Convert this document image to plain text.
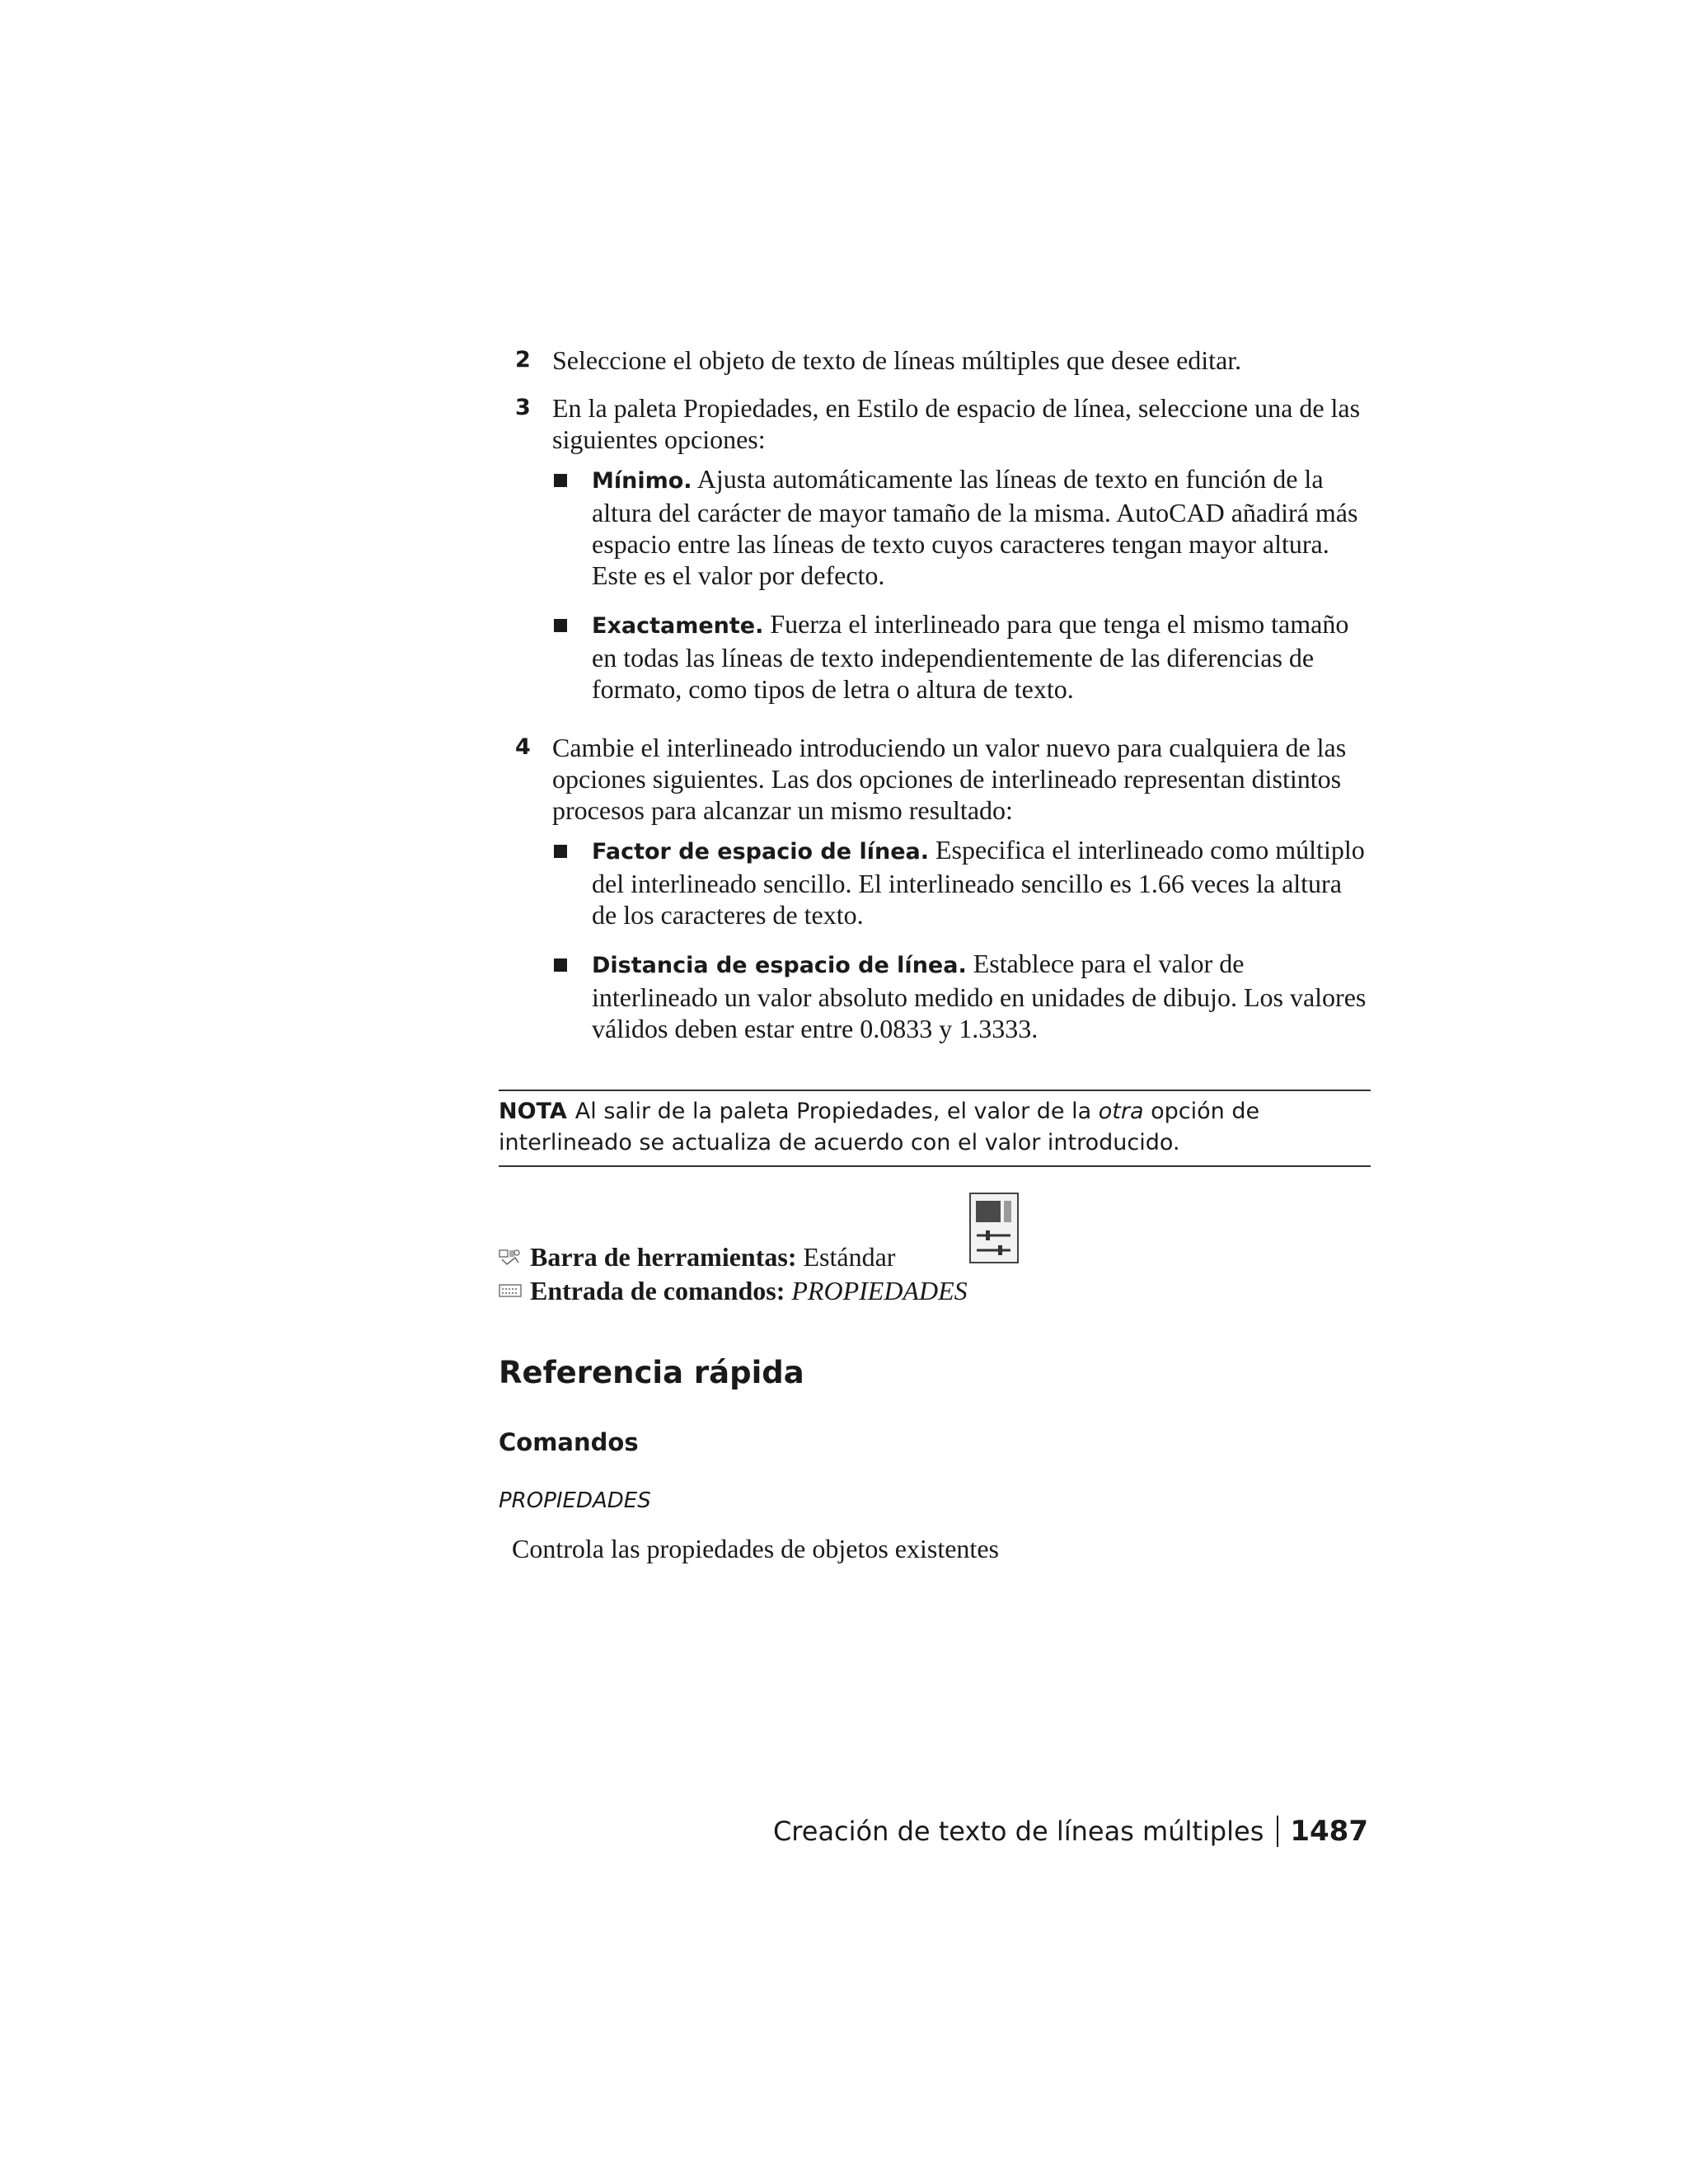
2 Seleccione el objeto de texto de líneas múltiples que desee editar.
3 En la paleta Propiedades, en Estilo de espacio de línea, seleccione una de las siguientes opciones:
Mínimo. Ajusta automáticamente las líneas de texto en función de la altura del carácter de mayor tamaño de la misma. AutoCAD añadirá más espacio entre las líneas de texto cuyos caracteres tengan mayor altura. Este es el valor por defecto.
Exactamente. Fuerza el interlineado para que tenga el mismo tamaño en todas las líneas de texto independientemente de las diferencias de formato, como tipos de letra o altura de texto.
4 Cambie el interlineado introduciendo un valor nuevo para cualquiera de las opciones siguientes. Las dos opciones de interlineado representan distintos procesos para alcanzar un mismo resultado:
Factor de espacio de línea. Especifica el interlineado como múltiplo del interlineado sencillo. El interlineado sencillo es 1.66 veces la altura de los caracteres de texto.
Distancia de espacio de línea. Establece para el valor de interlineado un valor absoluto medido en unidades de dibujo. Los valores válidos deben estar entre 0.0833 y 1.3333.
NOTA Al salir de la paleta Propiedades, el valor de la otra opción de interlineado se actualiza de acuerdo con el valor introducido.
Barra de herramientas: Estándar
Entrada de comandos: PROPIEDADES
Referencia rápida
Comandos
PROPIEDADES
Controla las propiedades de objetos existentes
Creación de texto de líneas múltiples 1487
